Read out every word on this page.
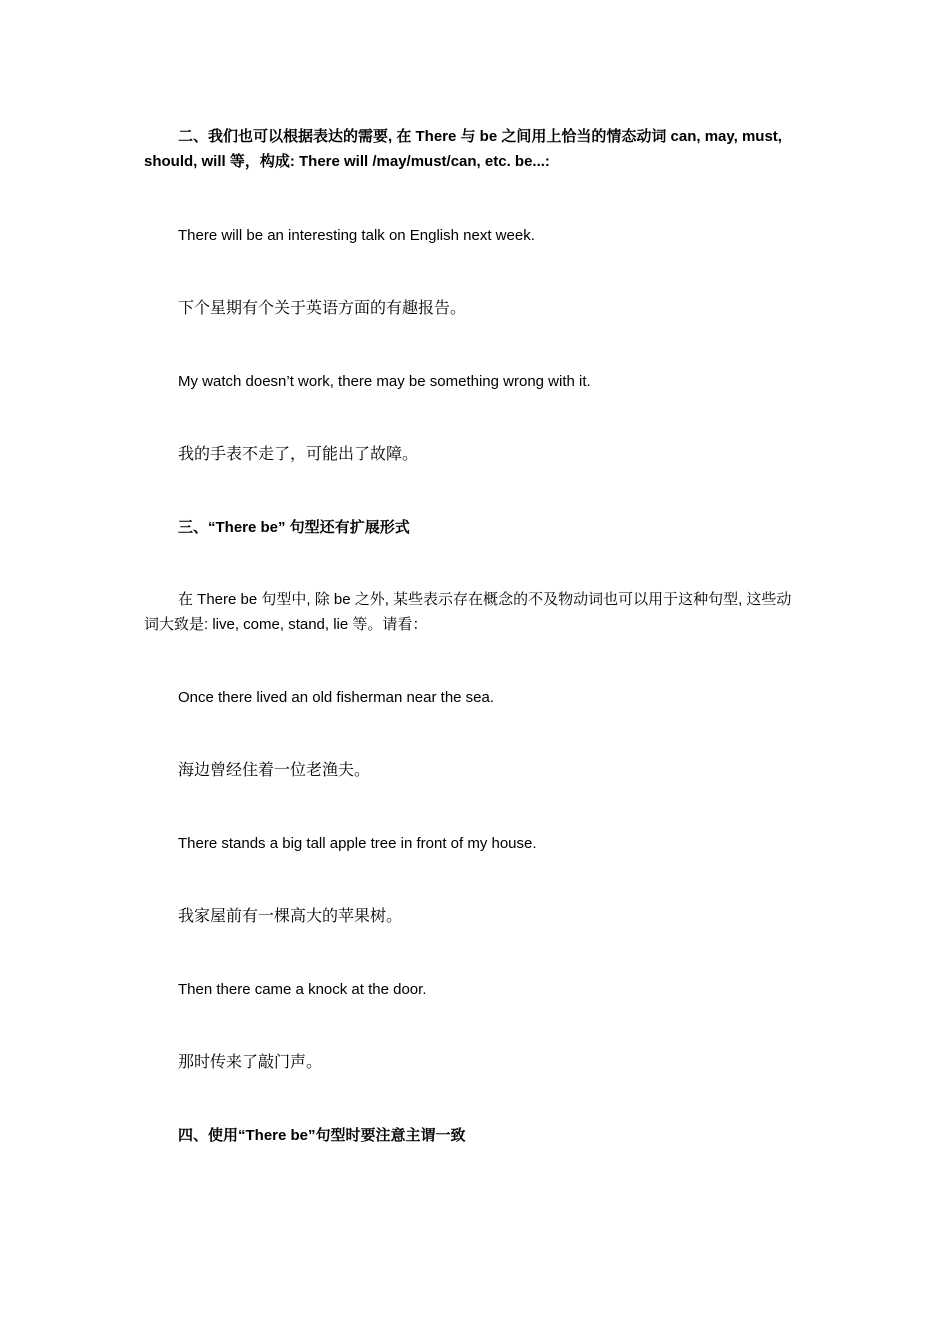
二、我们也可以根据表达的需要, 在 There 与 be 之间用上恰当的情态动词 can, may, must, should, will 等，构成: There will /may/must/can, etc. be...:
There will be an interesting talk on English next week.
下个星期有个关于英语方面的有趣报告。
My watch doesn’t work, there may be something wrong with it.
我的手表不走了，可能出了故障。
三、“There be” 句型还有扩展形式
在 There be 句型中, 除 be 之外, 某些表示存在概念的不及物动词也可以用于这种句型, 这些动词大致是: live, come, stand, lie 等。请看：
Once there lived an old fisherman near the sea.
海边曾经住着一位老渔夫。
There stands a big tall apple tree in front of my house.
我家屋前有一棵高大的苹果树。
Then there came a knock at the door.
那时传来了敲门声。
四、使用“There be”句型时要注意主谓一致
